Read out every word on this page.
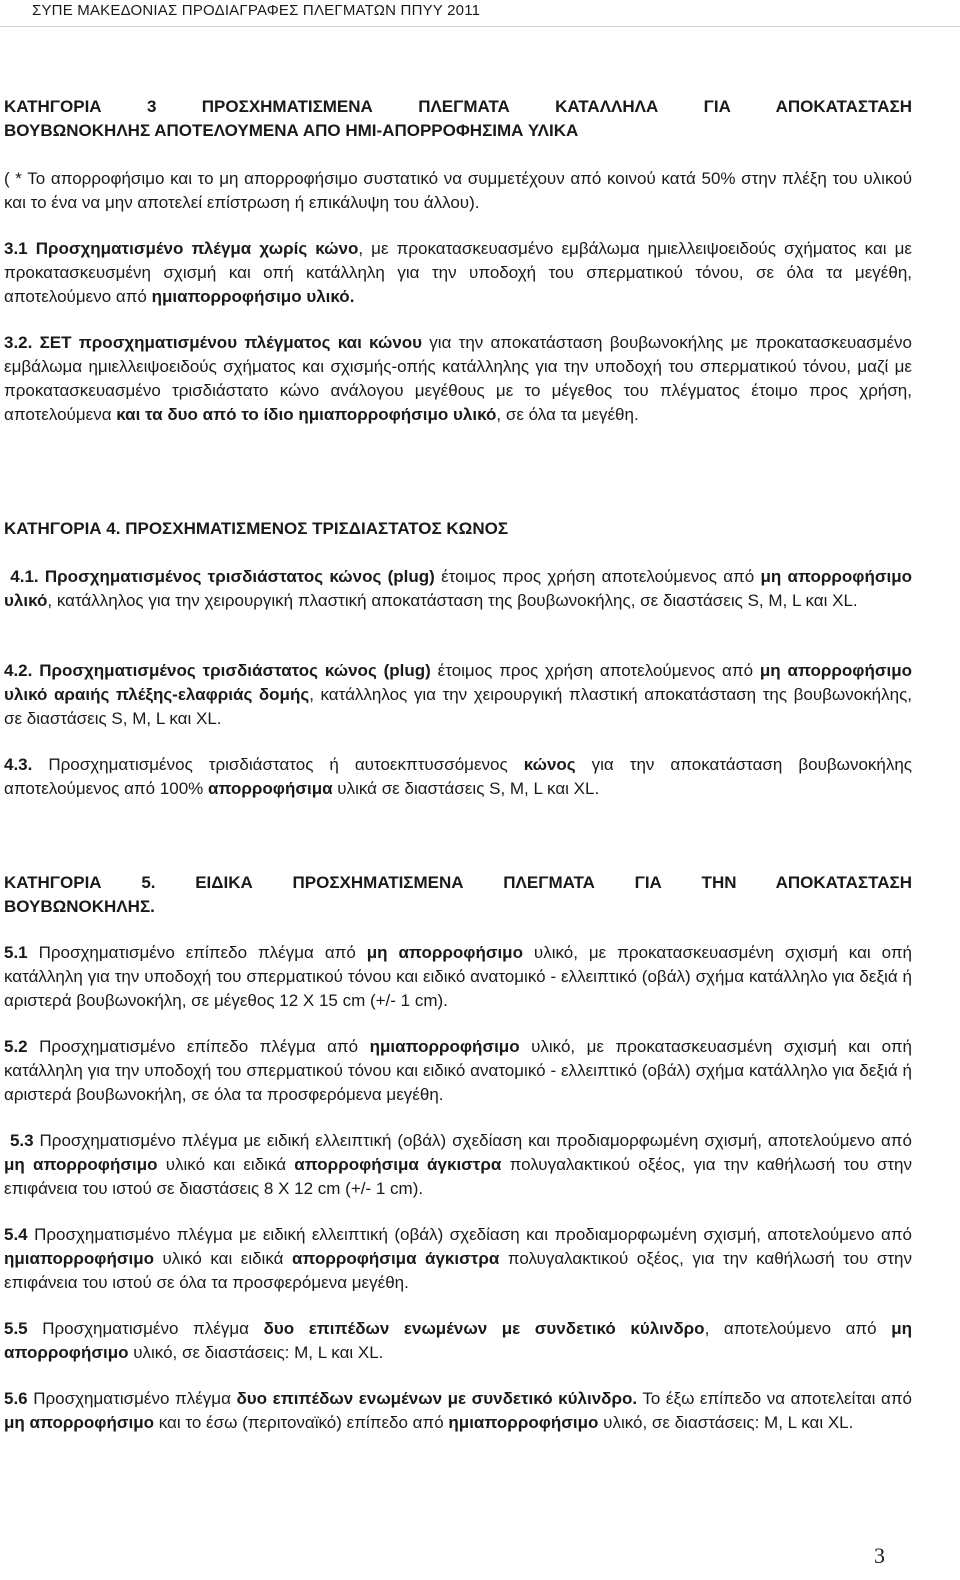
ΣΥΠΕ ΜΑΚΕΔΟΝΙΑΣ ΠΡΟΔΙΑΓΡΑΦΕΣ ΠΛΕΓΜΑΤΩΝ ΠΠΥΥ 2011
ΚΑΤΗΓΟΡΙΑ 3 ΠΡΟΣΧΗΜΑΤΙΣΜΕΝΑ ΠΛΕΓΜΑΤΑ ΚΑΤΑΛΛΗΛΑ ΓΙΑ ΑΠΟΚΑΤΑΣΤΑΣΗ
ΒΟΥΒΩΝΟΚΗΛΗΣ ΑΠΟΤΕΛΟΥΜΕΝΑ ΑΠΟ ΗΜΙ-ΑΠΟΡΡΟΦΗΣΙΜΑ ΥΛΙΚΑ

( * Το απορροφήσιμο και το μη απορροφήσιμο συστατικό να συμμετέχουν από κοινού κατά 50% στην πλέξη του υλικού και το ένα να μην αποτελεί επίστρωση ή επικάλυψη του άλλου).

3.1 Προσχηματισμένο πλέγμα χωρίς κώνο, με προκατασκευασμένο εμβάλωμα ημιελλειψοειδούς σχήματος και με προκατασκευσμένη σχισμή και οπή κατάλληλη για την υποδοχή του σπερματικού τόνου, σε όλα τα μεγέθη, αποτελούμενο από ημιαπορροφήσιμο υλικό.

3.2. ΣΕΤ προσχηματισμένου πλέγματος και κώνου για την αποκατάσταση βουβωνοκήλης με προκατασκευασμένο εμβάλωμα ημιελλειψοειδούς σχήματος και σχισμής-οπής κατάλληλης για την υποδοχή του σπερματικού τόνου, μαζί με προκατασκευασμένο τρισδιάστατο κώνο ανάλογου μεγέθους με το μέγεθος του πλέγματος έτοιμο προς χρήση, αποτελούμενα και τα δυο από το ίδιο ημιαπορροφήσιμο υλικό, σε όλα τα μεγέθη.

ΚΑΤΗΓΟΡΙΑ 4. ΠΡΟΣΧΗΜΑΤΙΣΜΕΝΟΣ ΤΡΙΣΔΙΑΣΤΑΤΟΣ ΚΩΝΟΣ

4.1. Προσχηματισμένος τρισδιάστατος κώνος (plug) έτοιμος προς χρήση αποτελούμενος από μη απορροφήσιμο υλικό, κατάλληλος για την χειρουργική πλαστική αποκατάσταση της βουβωνοκήλης, σε διαστάσεις S, M, L και XL.

4.2. Προσχηματισμένος τρισδιάστατος κώνος (plug) έτοιμος προς χρήση αποτελούμενος από μη απορροφήσιμο υλικό αραιής πλέξης-ελαφριάς δομής, κατάλληλος για την χειρουργική πλαστική αποκατάσταση της βουβωνοκήλης, σε διαστάσεις S, M, L και XL.

4.3. Προσχηματισμένος τρισδιάστατος ή αυτοεκπτυσσόμενος κώνος για την αποκατάσταση βουβωνοκήλης αποτελούμενος από 100% απορροφήσιμα υλικά σε διαστάσεις S, M, L και XL.

ΚΑΤΗΓΟΡΙΑ 5. ΕΙΔΙΚΑ ΠΡΟΣΧΗΜΑΤΙΣΜΕΝΑ ΠΛΕΓΜΑΤΑ ΓΙΑ ΤΗΝ ΑΠΟΚΑΤΑΣΤΑΣΗ
ΒΟΥΒΩΝΟΚΗΛΗΣ.

5.1 Προσχηματισμένο επίπεδο πλέγμα από μη απορροφήσιμο υλικό, με προκατασκευασμένη σχισμή και οπή κατάλληλη για την υποδοχή του σπερματικού τόνου και ειδικό ανατομικό - ελλειπτικό (οβάλ) σχήμα κατάλληλο για δεξιά ή αριστερά βουβωνοκήλη, σε μέγεθος 12 Χ 15 cm (+/- 1 cm).

5.2 Προσχηματισμένο επίπεδο πλέγμα από ημιαπορροφήσιμο υλικό, με προκατασκευασμένη σχισμή και οπή κατάλληλη για την υποδοχή του σπερματικού τόνου και ειδικό ανατομικό - ελλειπτικό (οβάλ) σχήμα κατάλληλο για δεξιά ή αριστερά βουβωνοκήλη, σε όλα τα προσφερόμενα μεγέθη.

5.3 Προσχηματισμένο πλέγμα με ειδική ελλειπτική (οβάλ) σχεδίαση και προδιαμορφωμένη σχισμή, αποτελούμενο από μη απορροφήσιμο υλικό και ειδικά απορροφήσιμα άγκιστρα πολυγαλακτικού οξέος, για την καθήλωσή του στην επιφάνεια του ιστού σε διαστάσεις 8 Χ 12 cm (+/- 1 cm).

5.4 Προσχηματισμένο πλέγμα με ειδική ελλειπτική (οβάλ) σχεδίαση και προδιαμορφωμένη σχισμή, αποτελούμενο από ημιαπορροφήσιμο υλικό και ειδικά απορροφήσιμα άγκιστρα πολυγαλακτικού οξέος, για την καθήλωσή του στην επιφάνεια του ιστού σε όλα τα προσφερόμενα μεγέθη.

5.5 Προσχηματισμένο πλέγμα δυο επιπέδων ενωμένων με συνδετικό κύλινδρο, αποτελούμενο από μη απορροφήσιμο υλικό, σε διαστάσεις: M, L και XL.

5.6 Προσχηματισμένο πλέγμα δυο επιπέδων ενωμένων με συνδετικό κύλινδρο. Το έξω επίπεδο να αποτελείται από μη απορροφήσιμο και το έσω (περιτοναϊκό) επίπεδο από ημιαπορροφήσιμο υλικό, σε διαστάσεις: M, L και XL.

3
